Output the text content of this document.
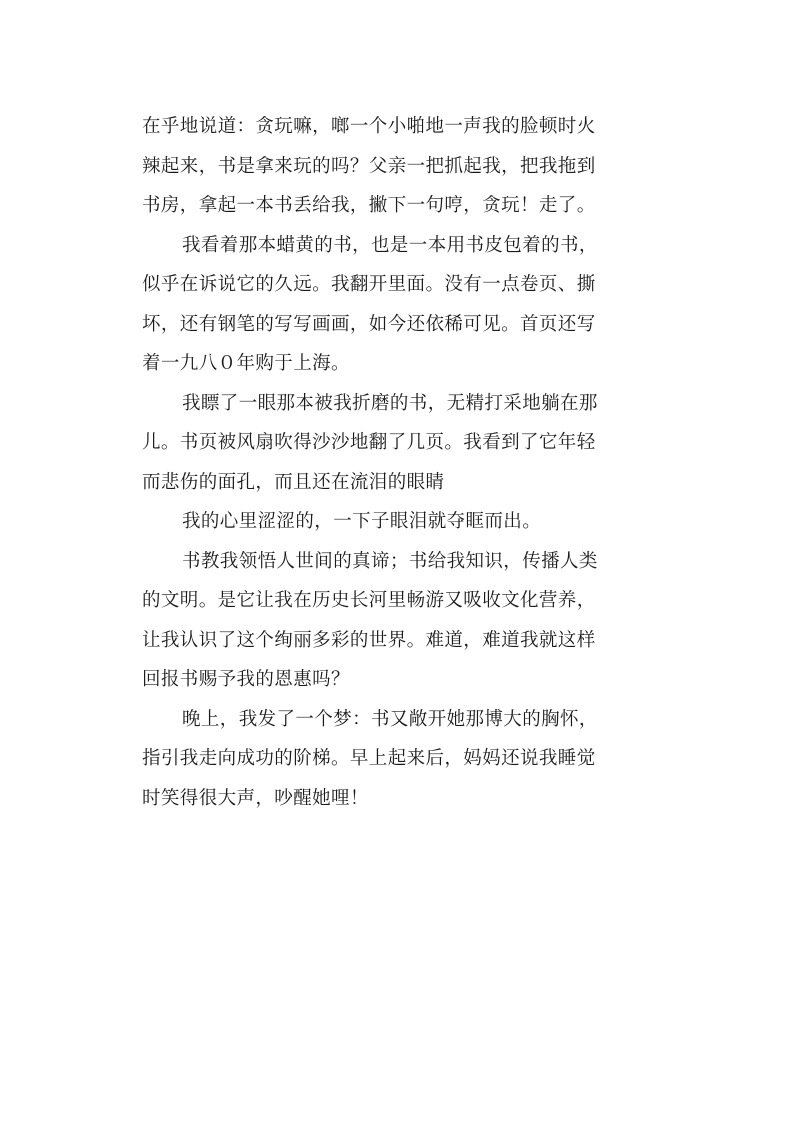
在乎地说道：贪玩嘛，啷一个小啪地一声我的脸顿时火
辣起来，书是拿来玩的吗？父亲一把抓起我，把我拖到
书房，拿起一本书丢给我，撇下一句哼，贪玩！走了。
我看着那本蜡黄的书，也是一本用书皮包着的书，
似乎在诉说它的久远。我翻开里面。没有一点卷页、撕
坏，还有钢笔的写写画画，如今还依稀可见。首页还写
着一九八０年购于上海。
我瞟了一眼那本被我折磨的书，无精打采地躺在那
儿。书页被风扇吹得沙沙地翻了几页。我看到了它年轻
而悲伤的面孔，而且还在流泪的眼睛
我的心里涩涩的，一下子眼泪就夺眶而出。
书教我领悟人世间的真谛；书给我知识，传播人类
的文明。是它让我在历史长河里畅游又吸收文化营养，
让我认识了这个绚丽多彩的世界。难道，难道我就这样
回报书赐予我的恩惠吗？
晚上，我发了一个梦：书又敞开她那博大的胸怀，
指引我走向成功的阶梯。早上起来后，妈妈还说我睡觉
时笑得很大声，吵醒她哩！
